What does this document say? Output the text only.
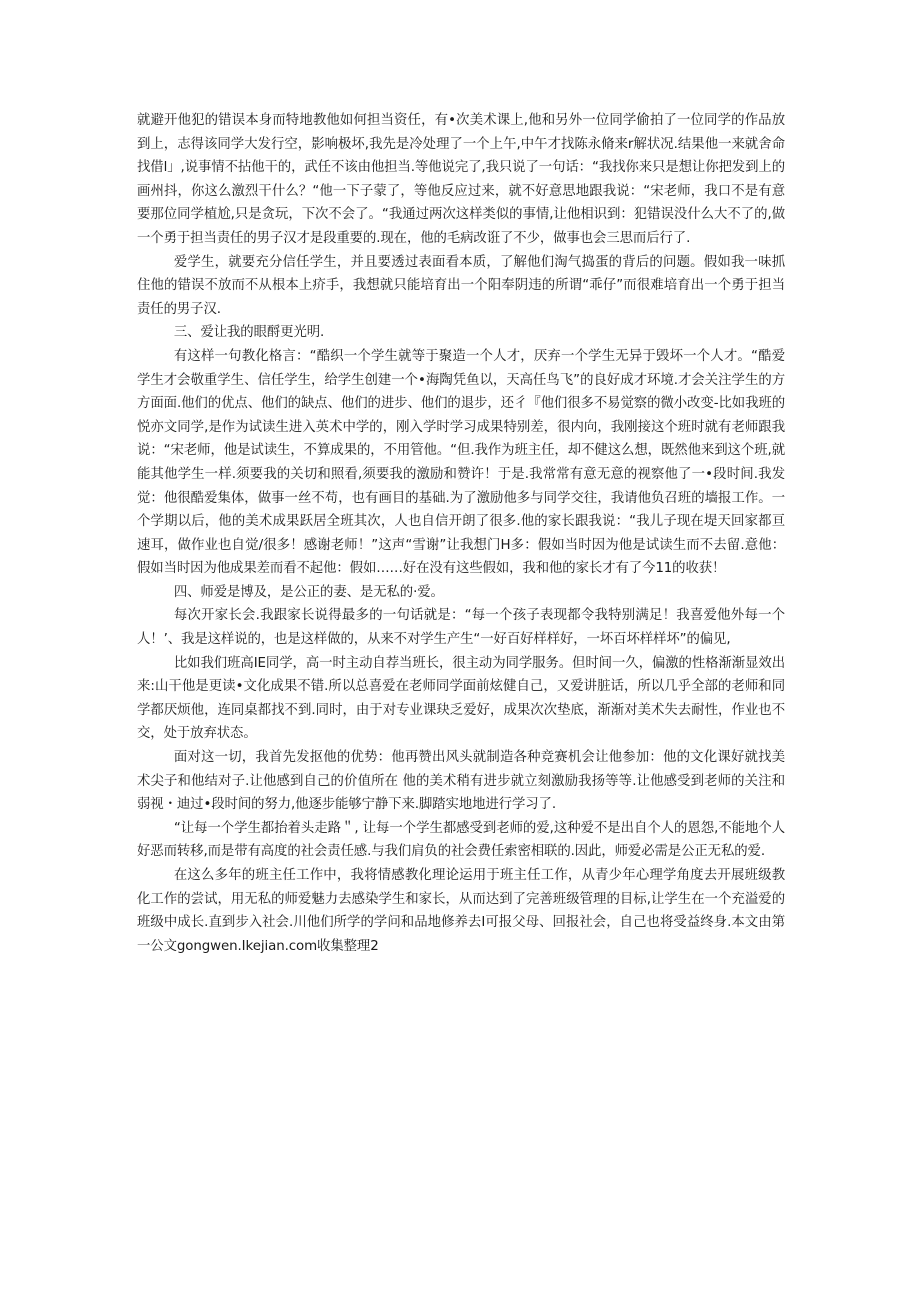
就避开他犯的错误本身而特地教他如何担当资任，有•次美术课上,他和另外一位同学偷拍了一位同学的作品放到上，志得该同学大发行空，影响极坏,我先是冷处理了一个上午,中午才找陈永脩来r解状况.结果他一来就舍命找借l」,说事情不拈他干的，武任不该由他担当.等他说完了,我只说了一句话：“我找你来只是想让你把发到上的画州抖，你这么激烈干什么？“他一下子蒙了，等他反应过来，就不好意思地跟我说：“宋老师，我口不是有意要那位同学植尬,只是贪玩，下次不会了。“我通过两次这样类似的事情,让他相识到：犯错误没什么大不了的,做一个勇于担当责任的男子汉才是段重要的.现在，他的毛病改诳了不少，做事也会三思而后行了.

爱学生，就要充分信任学生，并且要透过表面看本质，了解他们淘气捣蛋的背后的问题。假如我一味抓住他的错误不放而不从根本上疥手，我想就只能培育出一个阳奉阴违的所谓“乖仔”而很难培育出一个勇于担当责任的男子汉.

三、爱让我的眼酹更光明.

有这样一句教化格言：“酷织一个学生就等于聚造一个人才，厌弃一个学生无异于毁坏一个人才。“酷爱学生才会敬重学生、信任学生，给学生创建一个•海陶凭鱼以，天高任鸟飞”的良好成才环境.才会关注学生的方方面面.他们的优点、他们的缺点、他们的进步、他们的退步，还彳『他们很多不易觉察的微小改变-比如我班的悦亦文同学,是作为试读生进入英术中学的，刚入学时学习成果特别差，很内向，我刚接这个班时就有老师跟我说：“宋老师，他是试读生，不算成果的，不用管他。“但.我作为班主任，却不健这么想，既然他来到这个班,就能其他学生一样.须要我的关切和照看,须要我的激励和赞许！于是.我常常有意无意的视察他了一•段时间.我发觉：他很酷爱集体，做事一丝不苟，也有画目的基础.为了激励他多与同学交往，我请他负召班的墙报工作。一个学期以后，他的美术成果跃居全班其次，人也自信开朗了很多.他的家长跟我说：“我儿子现在堤天回家都亘速耳，做作业也自觉/很多！感谢老师！”这声“雪谢”让我想门H多：假如当时因为他是试读生而不去留.意他：假如当时因为他成果差而看不起他：假如……好在没有这些假如，我和他的家长才有了今11的收获！

四、师爱是博及，是公正的妻、是无私的·爱。

每次开家长会.我跟家长说得最多的一句话就是：“每一个孩子表现都令我特别满足！我喜爱他外每一个人！’、我是这样说的，也是这样做的，从来不对学生产生“一好百好样样好，一坏百坏样样坏”的偏见,

比如我们班高IE同学，高一时主动自荐当班长，很主动为同学服务。但时间一久，偏激的性格渐渐显效出来:山干他是更读•文化成果不错.所以总喜爱在老师同学面前炫健自己，又爱讲脏话，所以几乎全部的老师和同学都厌烦他，连同桌都找不到.同时，由于对专业课玦乏爱好，成果次次垫底，渐渐对美术失去耐性，作业也不交，处于放弃状态。

面对这一切，我首先发抠他的优势：他再赞出风头就制造各种竞赛机会让他参加：他的文化课好就找美术尖子和他结对子.让他感到自己的价值所在 他的美术稍有进步就立刻激励我扬等等.让他感受到老师的关注和弱视・迪过•段时间的努力,他逐步能够宁静下来.脚踏实地地进行学习了.

“让每一个学生都抬着头走路＂, 让每一个学生都感受到老师的爱,这种爱不是出自个人的恩怨,不能地个人好恶而转移,而是带有高度的社会责任感.与我们肩负的社会费任索密相联的.因此，师爱必需是公正无私的爱.

在这么多年的班主任工作中，我将情感教化理论运用于班主任工作，从青少年心理学角度去开展班级教化工作的尝试，用无私的师爱魅力去感染学生和家长，从而达到了完善班级管理的目标,让学生在一个充溢爱的班级中成长.直到步入社会.川他们所学的学问和品地修养去I可报父母、回报社会，自己也将受益终身.本文由第一公文gongwen.Ikejian.com收集整理2
